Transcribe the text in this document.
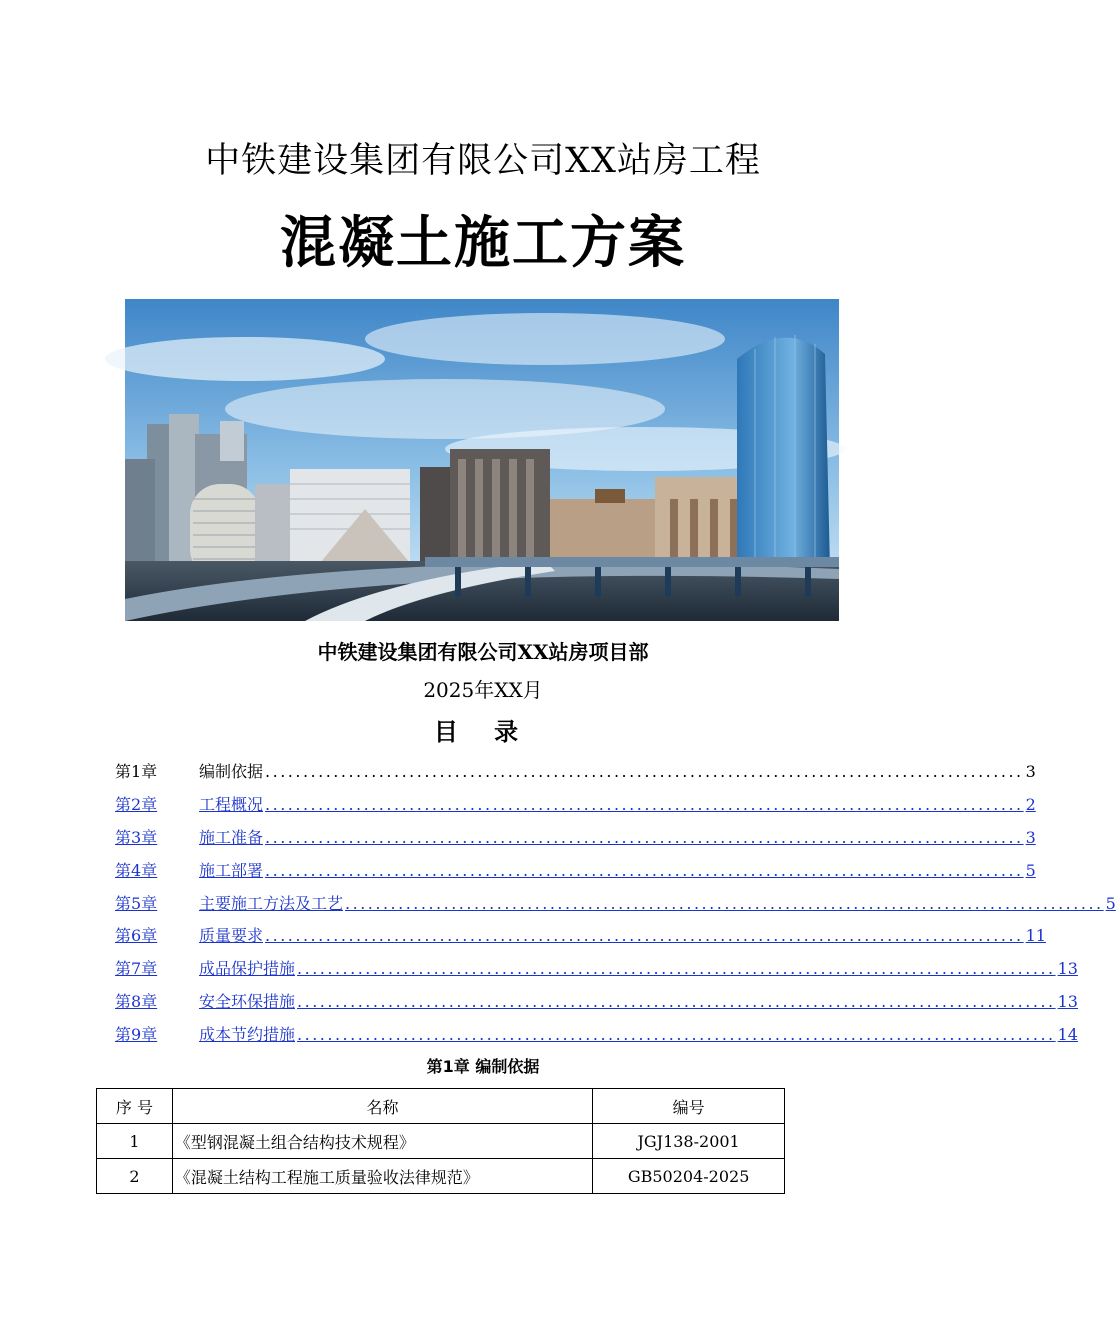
中铁建设集团有限公司XX站房工程
混凝土施工方案
中铁建设集团有限公司XX站房项目部
2025年XX月
目 录
第1章	编制依据 .................................................................................................... 3
第2章	工程概况 .................................................................................................... 2
第3章	施工准备 .................................................................................................... 3
第4章	施工部署 .................................................................................................... 5
第5章	主要施工方法及工艺 .................................................................................................... 5
第6章	质量要求 .................................................................................................... 11
第7章	成品保护措施 .................................................................................................... 13
第8章	安全环保措施 .................................................................................................... 13
第9章	成本节约措施 .................................................................................................... 14
第1章 编制依据
序 号	名称	编号
1	《型钢混凝土组合结构技术规程》	JGJ138-2001
2	《混凝土结构工程施工质量验收法律规范》	GB50204-2025
